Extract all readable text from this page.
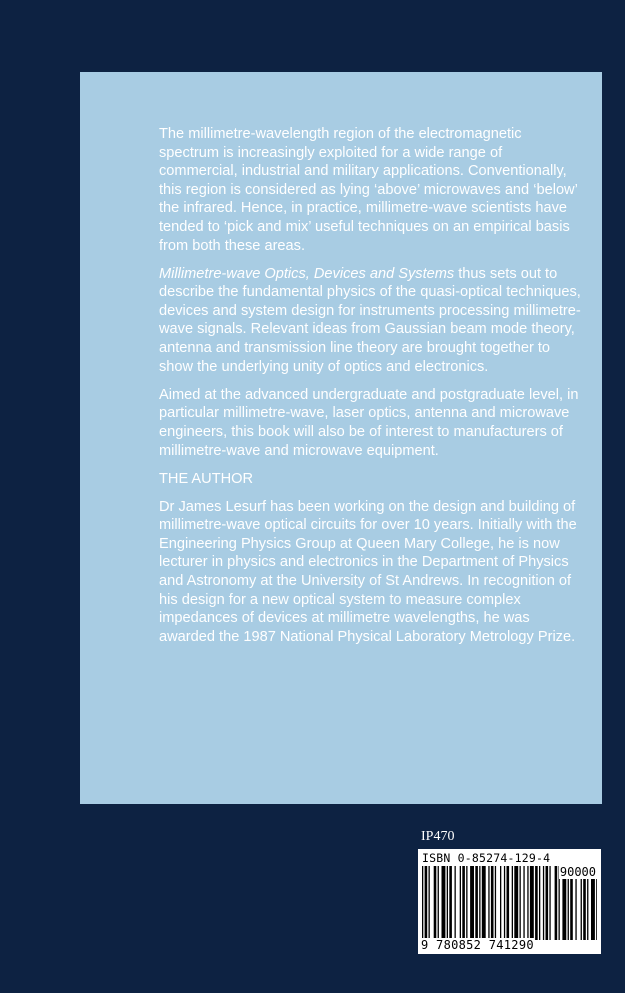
The millimetre-wavelength region of the electromagnetic spectrum is increasingly exploited for a wide range of commercial, industrial and military applications. Conventionally, this region is considered as lying ‘above’ microwaves and ‘below’ the infrared. Hence, in practice, millimetre-wave scientists have tended to ‘pick and mix’ useful techniques on an empirical basis from both these areas.

Millimetre-wave Optics, Devices and Systems thus sets out to describe the fundamental physics of the quasi-optical techniques, devices and system design for instruments processing millimetre-wave signals. Relevant ideas from Gaussian beam mode theory, antenna and transmission line theory are brought together to show the underlying unity of optics and electronics.

Aimed at the advanced undergraduate and postgraduate level, in particular millimetre-wave, laser optics, antenna and microwave engineers, this book will also be of interest to manufacturers of millimetre-wave and microwave equipment.

THE AUTHOR

Dr James Lesurf has been working on the design and building of millimetre-wave optical circuits for over 10 years. Initially with the Engineering Physics Group at Queen Mary College, he is now lecturer in physics and electronics in the Department of Physics and Astronomy at the University of St Andrews. In recognition of his design for a new optical system to measure complex impedances of devices at millimetre wavelengths, he was awarded the 1987 National Physical Laboratory Metrology Prize.

IP470
ISBN 0-85274-129-4
90000
9 780852 741290
